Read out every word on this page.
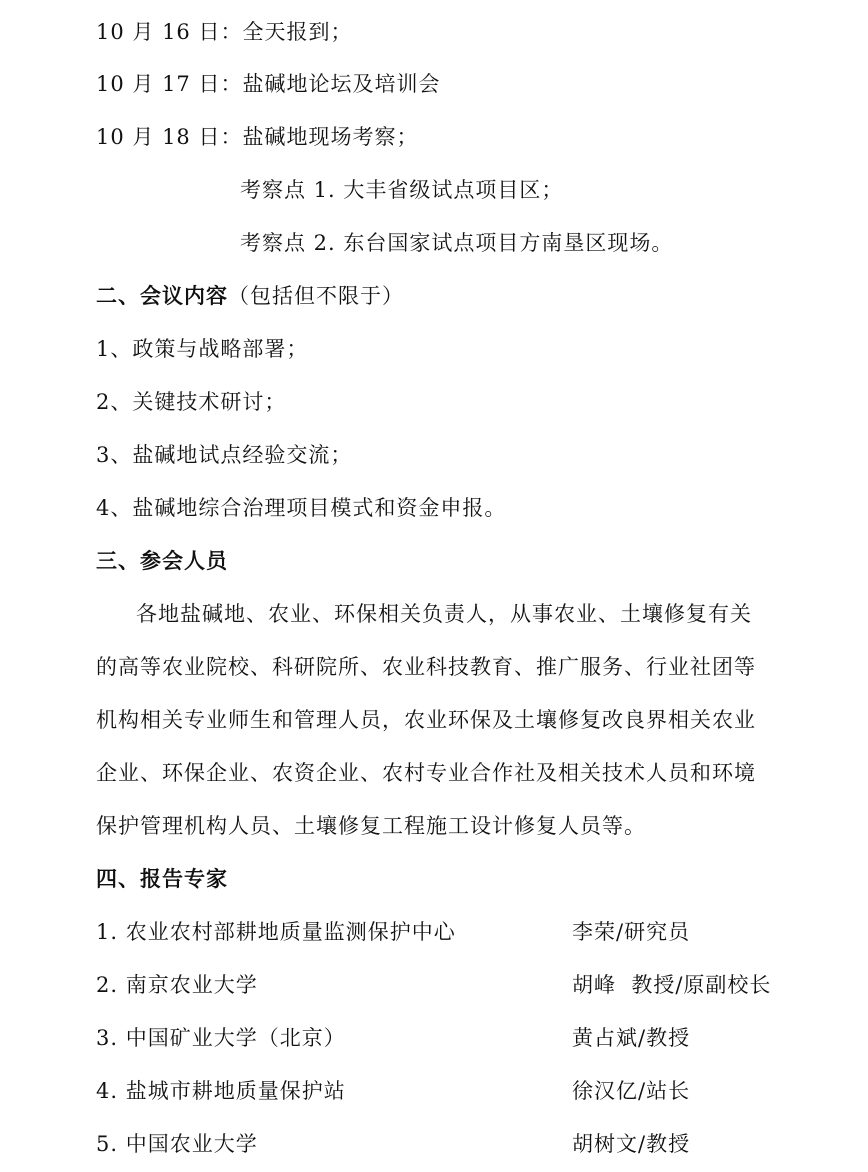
10 月 16 日：全天报到；
10 月 17 日：盐碱地论坛及培训会
10 月 18 日：盐碱地现场考察；
考察点 1. 大丰省级试点项目区；
考察点 2. 东台国家试点项目方南垦区现场。
二、会议内容（包括但不限于）
1、政策与战略部署；
2、关键技术研讨；
3、盐碱地试点经验交流；
4、盐碱地综合治理项目模式和资金申报。
三、参会人员
各地盐碱地、农业、环保相关负责人，从事农业、土壤修复有关
的高等农业院校、科研院所、农业科技教育、推广服务、行业社团等
机构相关专业师生和管理人员，农业环保及土壤修复改良界相关农业
企业、环保企业、农资企业、农村专业合作社及相关技术人员和环境
保护管理机构人员、土壤修复工程施工设计修复人员等。
四、报告专家
1. 农业农村部耕地质量监测保护中心	李荣/研究员
2. 南京农业大学	胡峰  教授/原副校长
3. 中国矿业大学（北京）	黄占斌/教授
4. 盐城市耕地质量保护站	徐汉亿/站长
5. 中国农业大学	胡树文/教授
